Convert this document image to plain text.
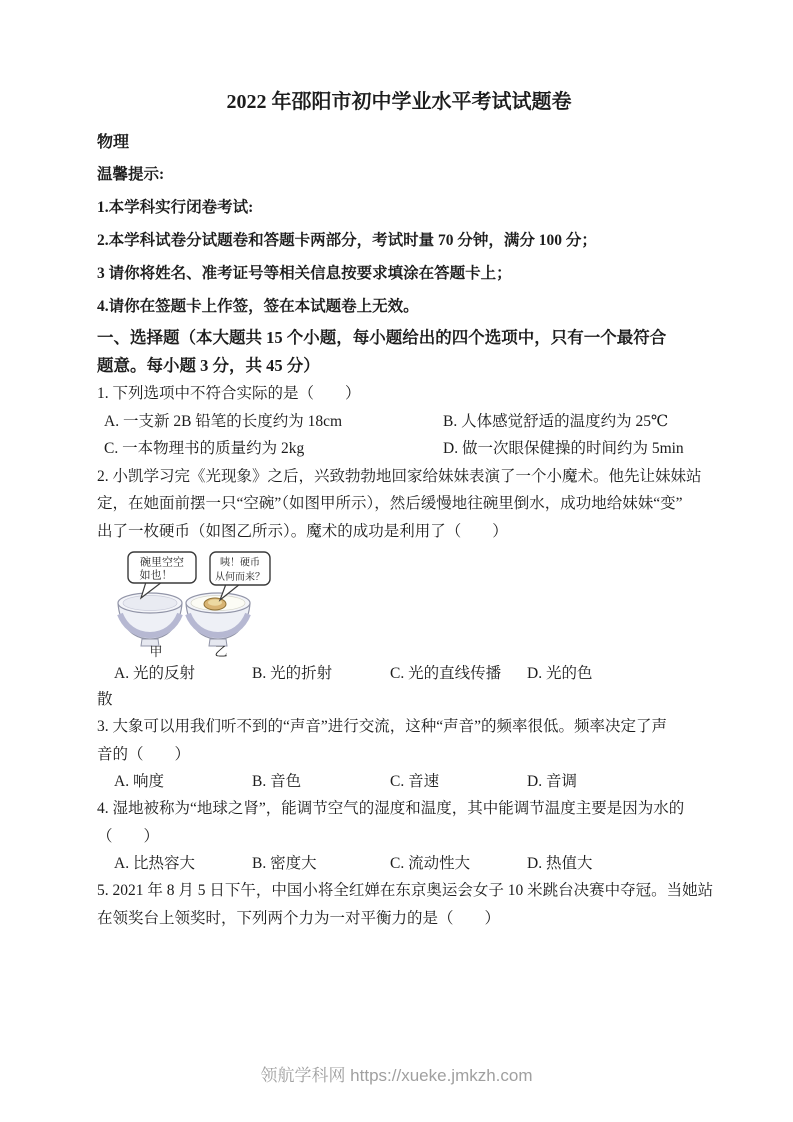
2022 年邵阳市初中学业水平考试试题卷

物理

温馨提示:

1.本学科实行闭卷考试:

2.本学科试卷分试题卷和答题卡两部分，考试时量 70 分钟，满分 100 分；

3 请你将姓名、准考证号等相关信息按要求填涂在答题卡上；

4.请你在签题卡上作签，签在本试题卷上无效。

一、选择题（本大题共 15 个小题，每小题给出的四个选项中，只有一个最符合

题意。每小题 3 分，共 45 分）

1. 下列选项中不符合实际的是（　　）

A. 一支新 2B 铅笔的长度约为 18cm	B. 人体感觉舒适的温度约为 25℃
C. 一本物理书的质量约为 2kg	D. 做一次眼保健操的时间约为 5min

2. 小凯学习完《光现象》之后，兴致勃勃地回家给妹妹表演了一个小魔术。他先让妹妹站

定，在她面前摆一只“空碗”（如图甲所示），然后缓慢地往碗里倒水，成功地给妹妹“变”

出了一枚硬币（如图乙所示）。魔术的成功是利用了（　　）

碗里空空
如也！
咦！硬币
从何而来？
甲	乙
A. 光的反射	B. 光的折射	C. 光的直线传播	D. 光的色

散

3. 大象可以用我们听不到的“声音”进行交流，这种“声音”的频率很低。频率决定了声

音的（　　）

A. 响度	B. 音色	C. 音速	D. 音调

4. 湿地被称为“地球之肾”，能调节空气的湿度和温度，其中能调节温度主要是因为水的

（　　）

A. 比热容大	B. 密度大	C. 流动性大	D. 热值大

5. 2021 年 8 月 5 日下午，中国小将全红婵在东京奥运会女子 10 米跳台决赛中夺冠。当她站

在领奖台上领奖时，下列两个力为一对平衡力的是（　　）

领航学科网 https://xueke.jmkzh.com
